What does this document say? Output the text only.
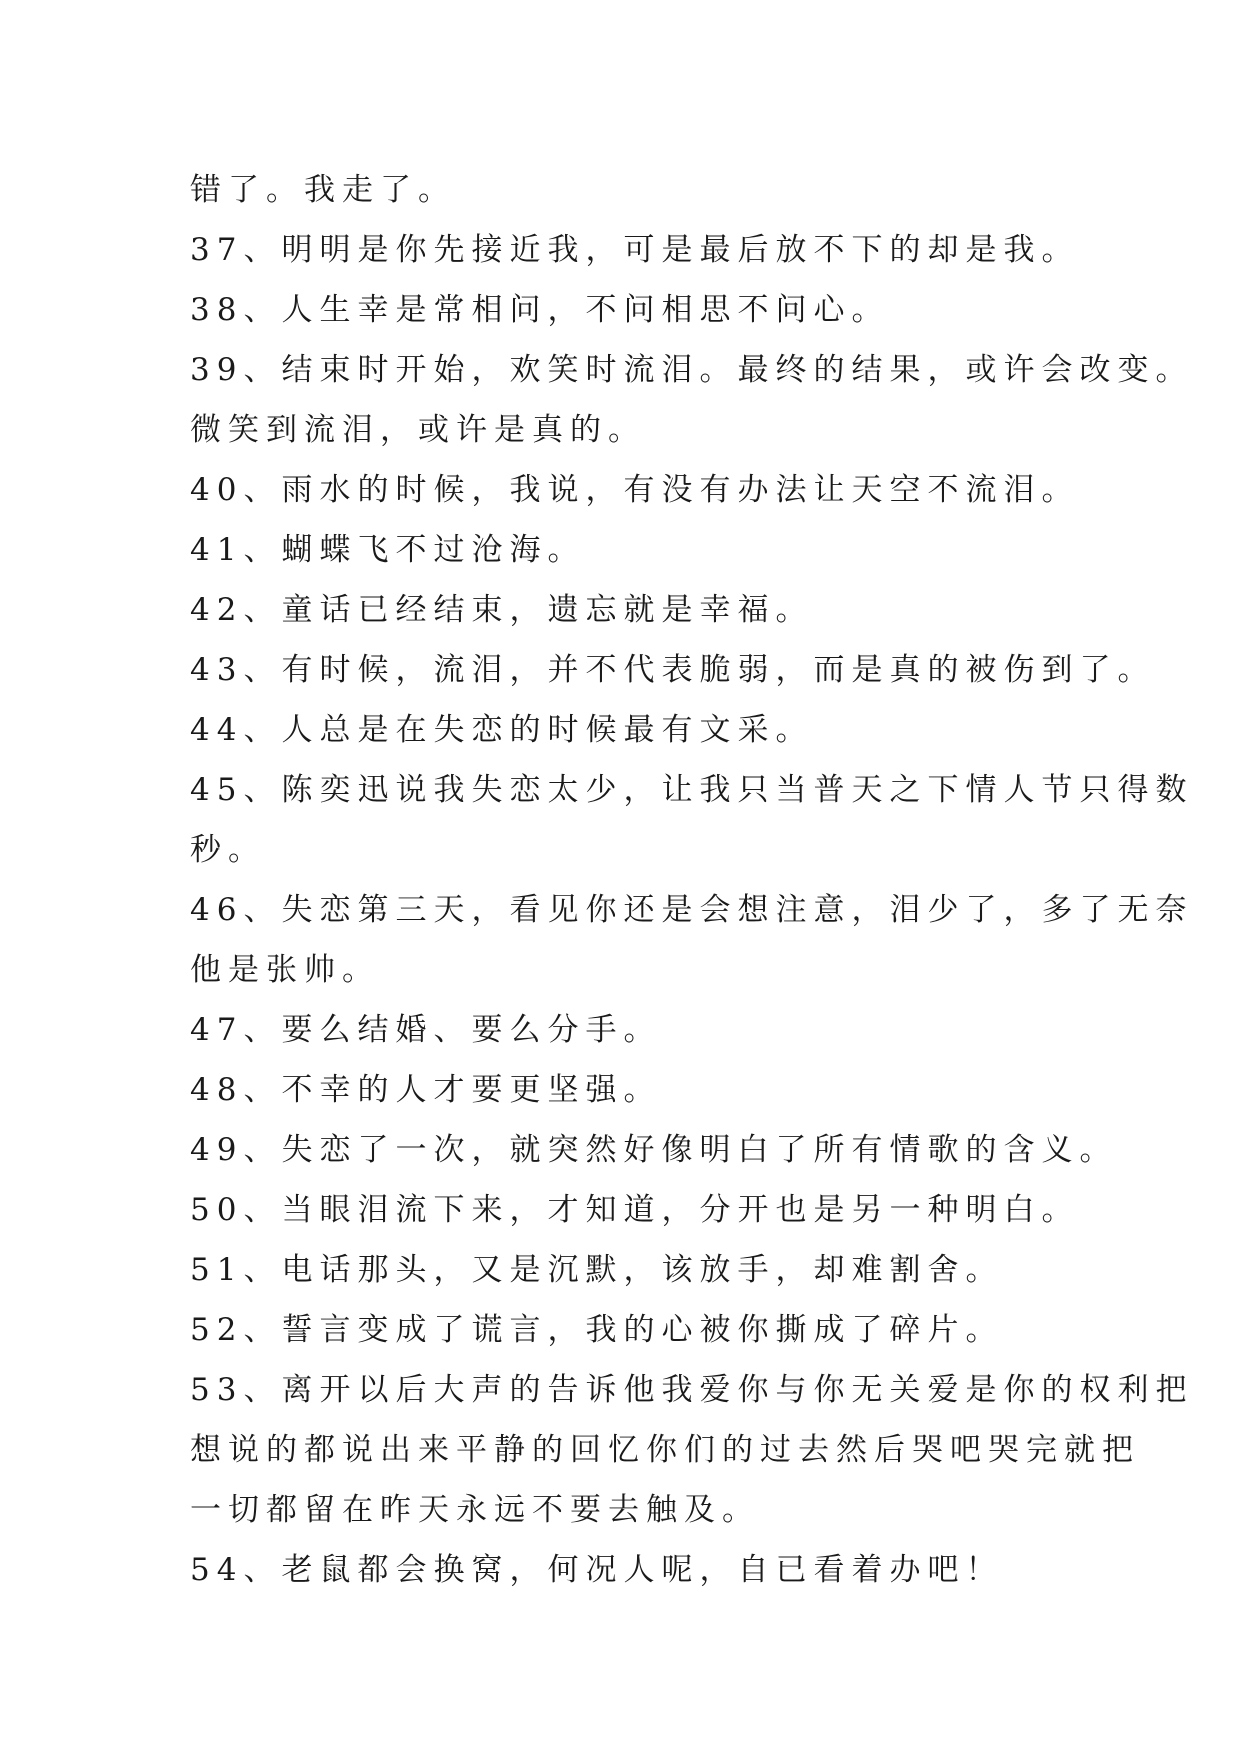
错了。我走了。
37、明明是你先接近我，可是最后放不下的却是我。
38、人生幸是常相问，不问相思不问心。
39、结束时开始，欢笑时流泪。最终的结果，或许会改变。
微笑到流泪，或许是真的。
40、雨水的时候，我说，有没有办法让天空不流泪。
41、蝴蝶飞不过沧海。
42、童话已经结束，遗忘就是幸福。
43、有时候，流泪，并不代表脆弱，而是真的被伤到了。
44、人总是在失恋的时候最有文采。
45、陈奕迅说我失恋太少，让我只当普天之下情人节只得数
秒。
46、失恋第三天，看见你还是会想注意，泪少了，多了无奈
他是张帅。
47、要么结婚、要么分手。
48、不幸的人才要更坚强。
49、失恋了一次，就突然好像明白了所有情歌的含义。
50、当眼泪流下来，才知道，分开也是另一种明白。
51、电话那头，又是沉默，该放手，却难割舍。
52、誓言变成了谎言，我的心被你撕成了碎片。
53、离开以后大声的告诉他我爱你与你无关爱是你的权利把
想说的都说出来平静的回忆你们的过去然后哭吧哭完就把
一切都留在昨天永远不要去触及。
54、老鼠都会换窝，何况人呢，自已看着办吧！
